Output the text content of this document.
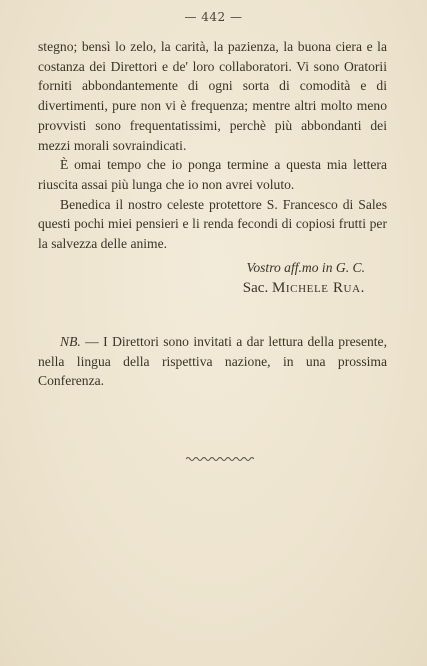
— 442 —

stegno; bensì lo zelo, la carità, la pazienza, la buona ciera e la costanza dei Direttori e de' loro collaboratori. Vi sono Oratorii forniti abbondantemente di ogni sorta di comodità e di divertimenti, pure non vi è frequenza; mentre altri molto meno provvisti sono frequentatissimi, perchè più abbondanti dei mezzi morali sovraindicati.

È omai tempo che io ponga termine a questa mia lettera riuscita assai più lunga che io non avrei voluto.

Benedica il nostro celeste protettore S. Francesco di Sales questi pochi miei pensieri e li renda fecondi di copiosi frutti per la salvezza delle anime.

Vostro aff.mo in G. C.
Sac. Michele Rua.
NB. — I Direttori sono invitati a dar lettura della presente, nella lingua della rispettiva nazione, in una prossima Conferenza.
